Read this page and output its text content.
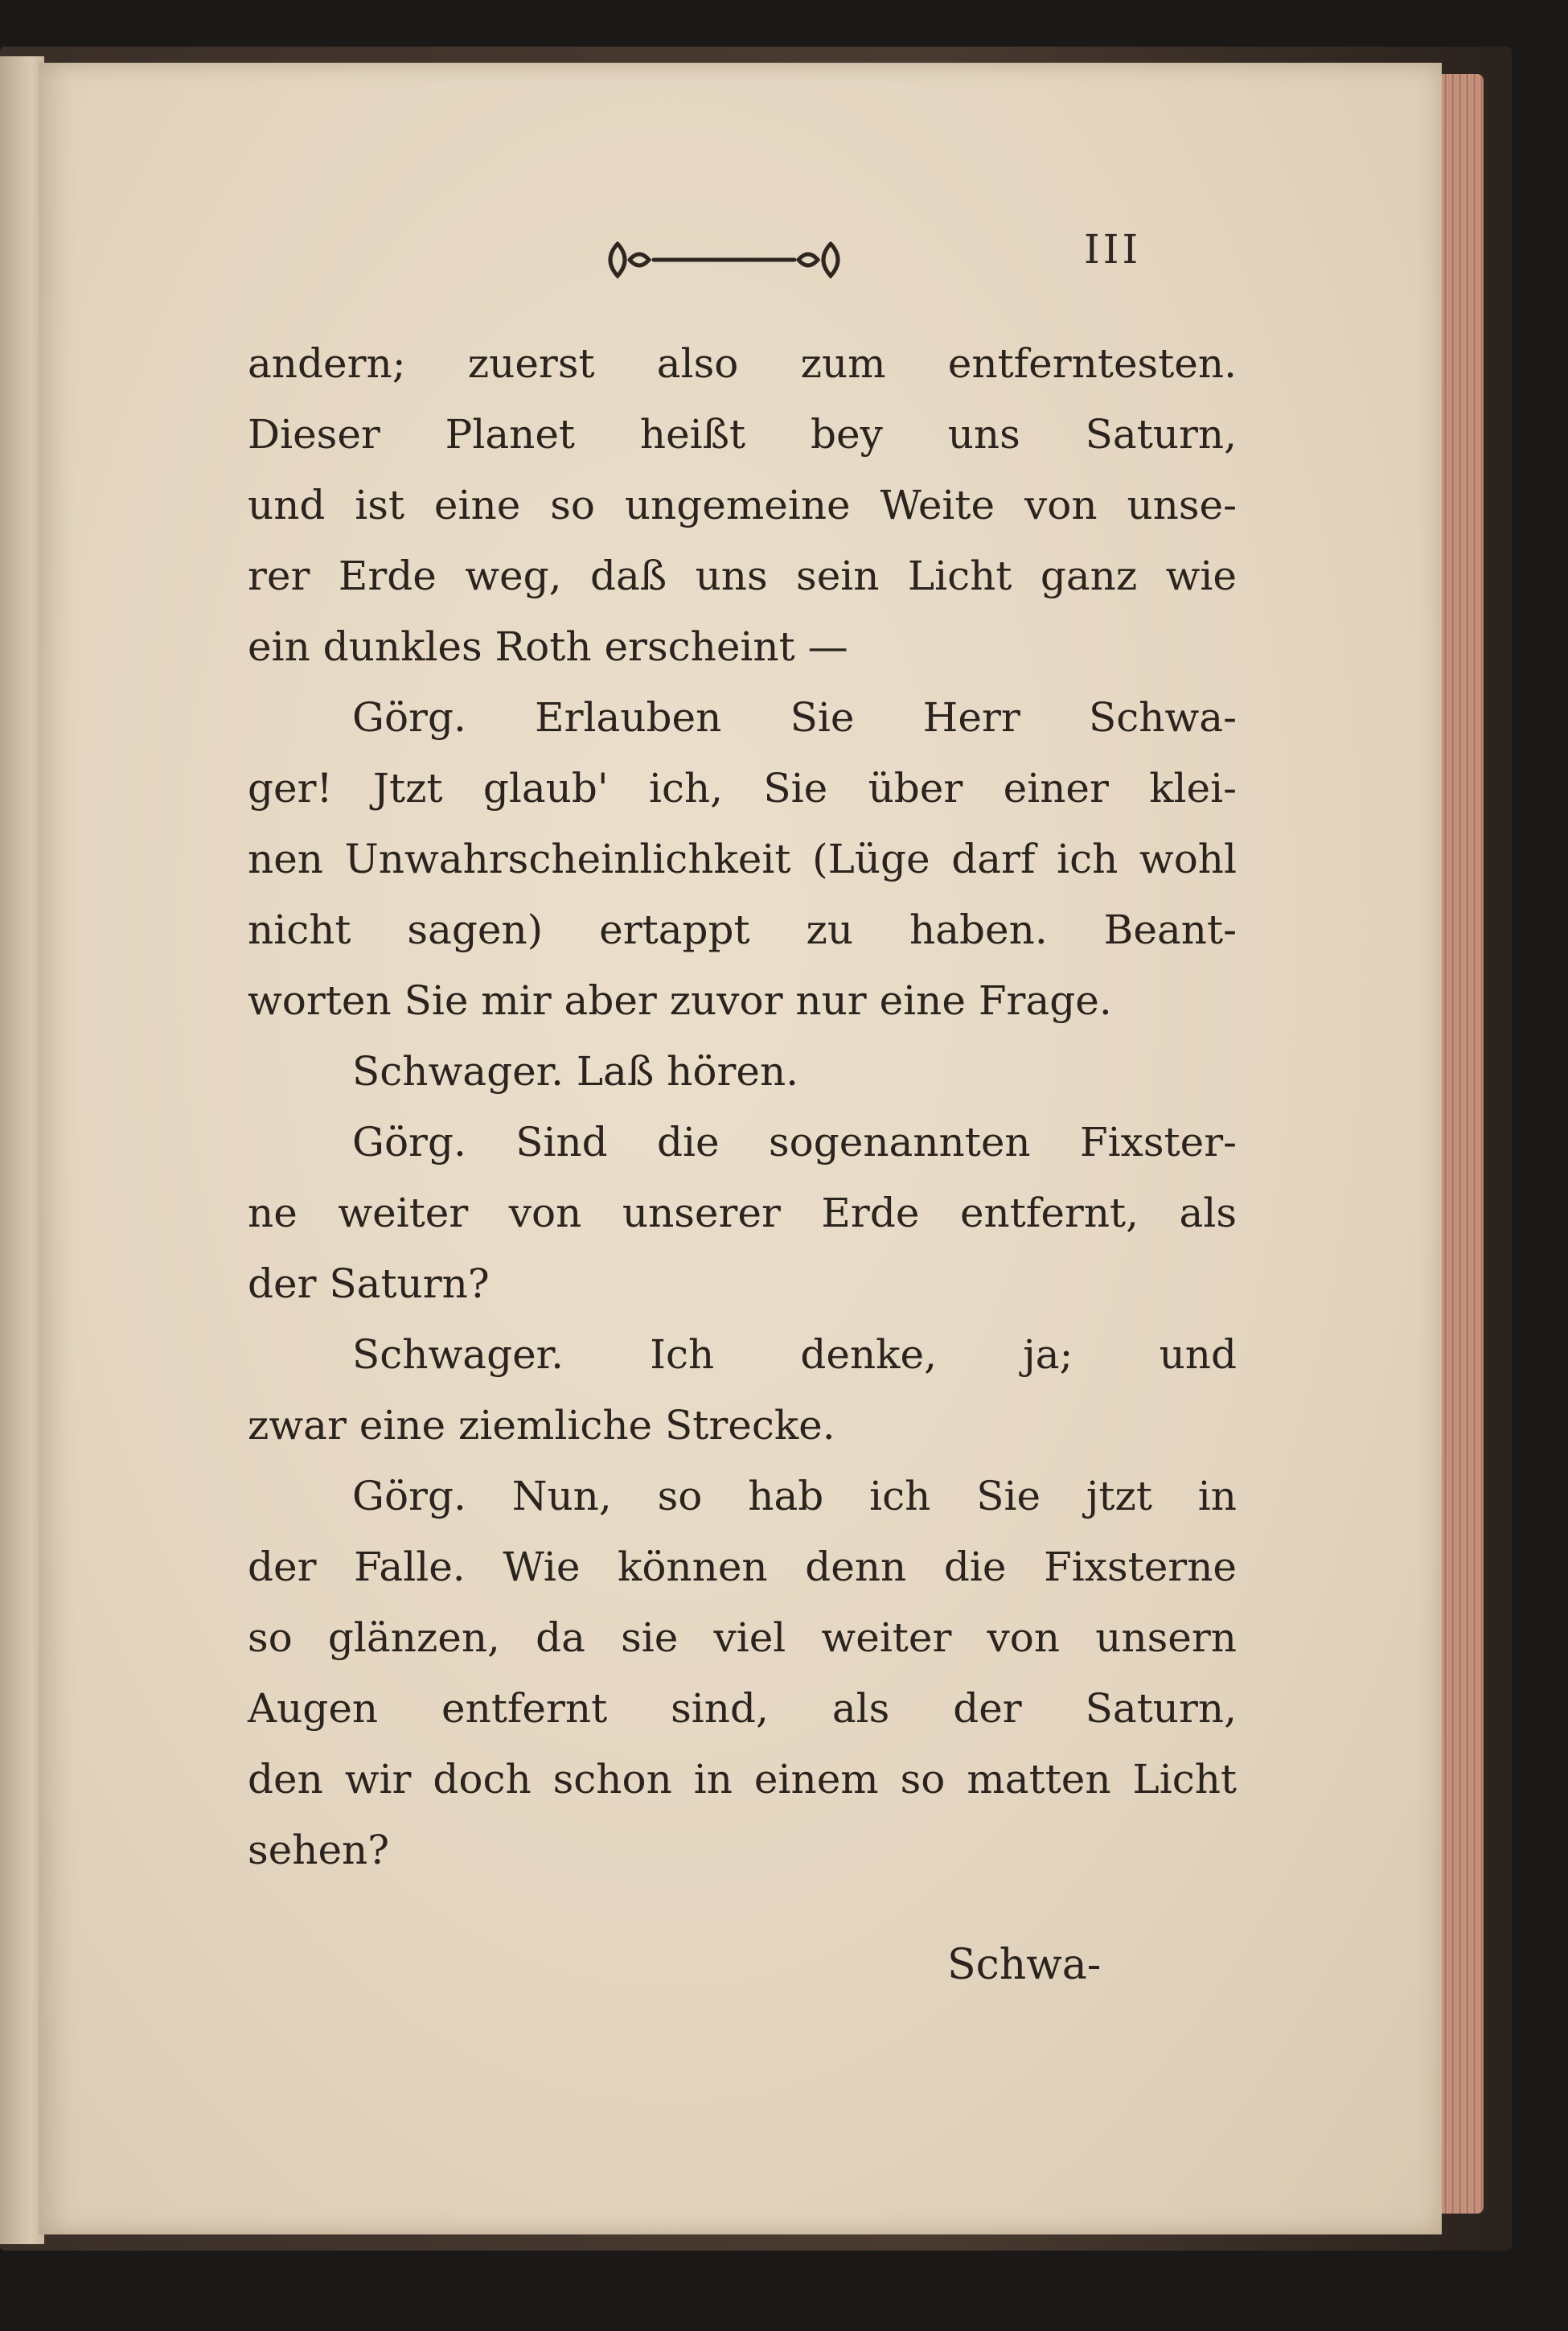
III
andern; zuerst also zum entferntesten.
Dieser Planet heißt bey uns Saturn,
und ist eine so ungemeine Weite von unse-
rer Erde weg, daß uns sein Licht ganz wie
ein dunkles Roth erscheint —
Görg. Erlauben Sie Herr Schwa-
ger! Jtzt glaub' ich, Sie über einer klei-
nen Unwahrscheinlichkeit (Lüge darf ich wohl
nicht sagen) ertappt zu haben. Beant-
worten Sie mir aber zuvor nur eine Frage.
Schwager. Laß hören.
Görg. Sind die sogenannten Fixster-
ne weiter von unserer Erde entfernt, als
der Saturn?
Schwager. Ich denke, ja; und
zwar eine ziemliche Strecke.
Görg. Nun, so hab ich Sie jtzt in
der Falle. Wie können denn die Fixsterne
so glänzen, da sie viel weiter von unsern
Augen entfernt sind, als der Saturn,
den wir doch schon in einem so matten Licht
sehen?
Schwa-
